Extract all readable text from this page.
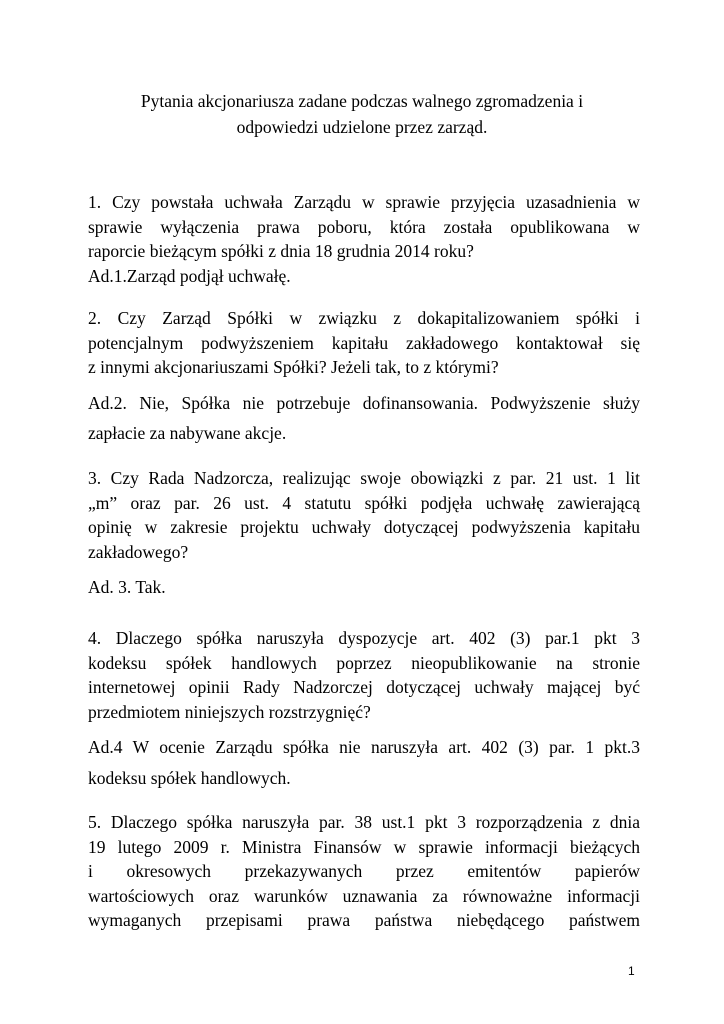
Pytania akcjonariusza zadane podczas walnego zgromadzenia i
odpowiedzi udzielone przez zarząd.
1. Czy powstała uchwała Zarządu w sprawie przyjęcia uzasadnienia w
sprawie wyłączenia prawa poboru, która została opublikowana w
raporcie bieżącym spółki z dnia 18 grudnia 2014 roku?
Ad.1.Zarząd podjął uchwałę.
2. Czy Zarząd Spółki w związku z dokapitalizowaniem spółki i
potencjalnym podwyższeniem kapitału zakładowego kontaktował się
z innymi akcjonariuszami Spółki? Jeżeli tak, to z którymi?
Ad.2. Nie, Spółka nie potrzebuje dofinansowania. Podwyższenie służy
zapłacie za nabywane akcje.
3. Czy Rada Nadzorcza, realizując swoje obowiązki z par. 21 ust. 1 lit
„m” oraz par. 26 ust. 4 statutu spółki podjęła uchwałę zawierającą
opinię w zakresie projektu uchwały dotyczącej podwyższenia kapitału
zakładowego?
Ad. 3. Tak.
4. Dlaczego spółka naruszyła dyspozycje art. 402 (3) par.1 pkt 3
kodeksu spółek handlowych poprzez nieopublikowanie na stronie
internetowej opinii Rady Nadzorczej dotyczącej uchwały mającej być
przedmiotem niniejszych rozstrzygnięć?
Ad.4 W ocenie Zarządu spółka nie naruszyła art. 402 (3) par. 1 pkt.3
kodeksu spółek handlowych.
5. Dlaczego spółka naruszyła par. 38 ust.1 pkt 3 rozporządzenia z dnia
19 lutego 2009 r. Ministra Finansów w sprawie informacji bieżących
i okresowych przekazywanych przez emitentów papierów
wartościowych oraz warunków uznawania za równoważne informacji
wymaganych przepisami prawa państwa niebędącego państwem
1
